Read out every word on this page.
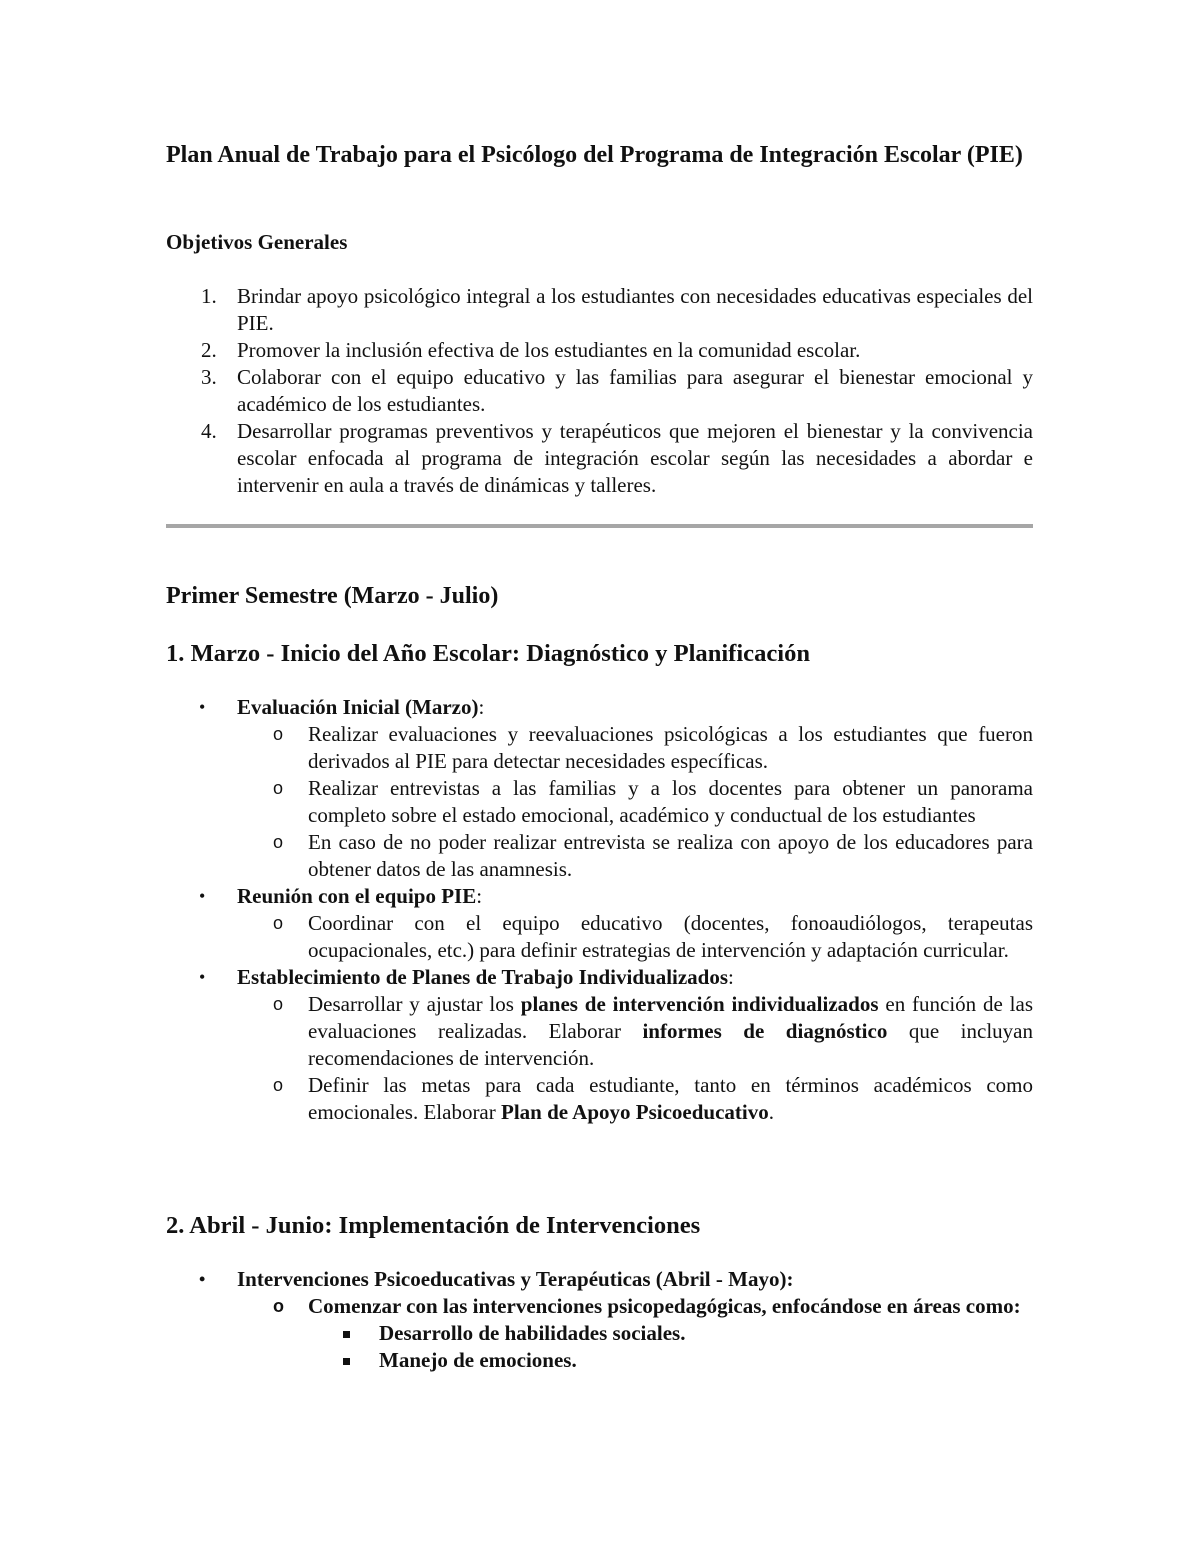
Plan Anual de Trabajo para el Psicólogo del Programa de Integración Escolar (PIE)
Objetivos Generales
1. Brindar apoyo psicológico integral a los estudiantes con necesidades educativas especiales del PIE.
2. Promover la inclusión efectiva de los estudiantes en la comunidad escolar.
3. Colaborar con el equipo educativo y las familias para asegurar el bienestar emocional y académico de los estudiantes.
4. Desarrollar programas preventivos y terapéuticos que mejoren el bienestar y la convivencia escolar enfocada al programa de integración escolar según las necesidades a abordar e intervenir en aula a través de dinámicas y talleres.
Primer Semestre (Marzo - Julio)
1. Marzo - Inicio del Año Escolar: Diagnóstico y Planificación
• Evaluación Inicial (Marzo):
o Realizar evaluaciones y reevaluaciones psicológicas a los estudiantes que fueron derivados al PIE para detectar necesidades específicas.
o Realizar entrevistas a las familias y a los docentes para obtener un panorama completo sobre el estado emocional, académico y conductual de los estudiantes
o En caso de no poder realizar entrevista se realiza con apoyo de los educadores para obtener datos de las anamnesis.
• Reunión con el equipo PIE:
o Coordinar con el equipo educativo (docentes, fonoaudiólogos, terapeutas ocupacionales, etc.) para definir estrategias de intervención y adaptación curricular.
• Establecimiento de Planes de Trabajo Individualizados:
o Desarrollar y ajustar los planes de intervención individualizados en función de las evaluaciones realizadas. Elaborar informes de diagnóstico que incluyan recomendaciones de intervención.
o Definir las metas para cada estudiante, tanto en términos académicos como emocionales. Elaborar Plan de Apoyo Psicoeducativo.
2. Abril - Junio: Implementación de Intervenciones
• Intervenciones Psicoeducativas y Terapéuticas (Abril - Mayo):
o Comenzar con las intervenciones psicopedagógicas, enfocándose en áreas como:
Desarrollo de habilidades sociales.
Manejo de emociones.
